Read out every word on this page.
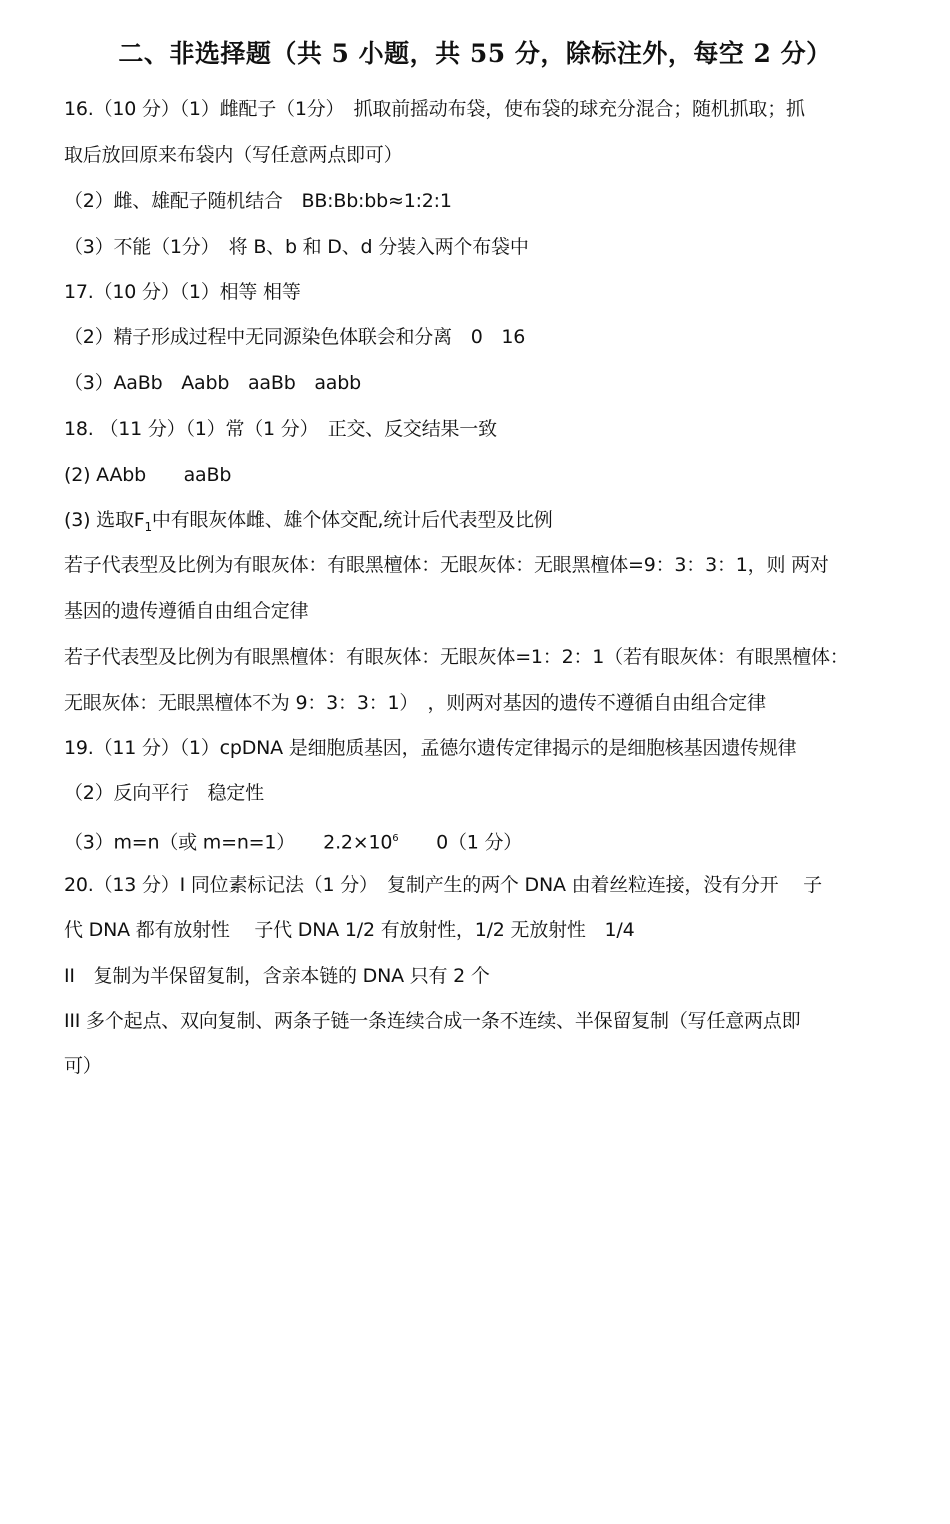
二、非选择题（共 5 小题，共 55 分，除标注外，每空 2 分）
16.（10 分）（1）雌配子（1分）　抓取前摇动布袋，使布袋的球充分混合；随机抓取；抓
取后放回原来布袋内（写任意两点即可）
（2）雌、雄配子随机结合　BB:Bb:bb≈1:2:1
（3）不能（1分）　将 B、b 和 D、d 分装入两个布袋中
17.（10 分）（1）相等 相等
（2）精子形成过程中无同源染色体联会和分离　0　16
（3）AaBb　Aabb　aaBb　aabb
18. （11 分）（1）常（1 分）　正交、反交结果一致
(2) AAbb　　aaBb
(3) 选取$F_1$中有眼灰体雌、雄个体交配,统计后代表型及比例
若子代表型及比例为有眼灰体：有眼黑檀体：无眼灰体：无眼黑檀体=9：3：3：1，则 两对
基因的遗传遵循自由组合定律
若子代表型及比例为有眼黑檀体：有眼灰体：无眼灰体=1：2：1（若有眼灰体：有眼黑檀体：
无眼灰体：无眼黑檀体不为 9：3：3：1）　，则两对基因的遗传不遵循自由组合定律
19.（11 分）（1）cpDNA 是细胞质基因，孟德尔遗传定律揭示的是细胞核基因遗传规律
（2）反向平行　稳定性
（3）m=n（或 m=n=1）　　$2.2\times 10^6$　　0（1 分）
20.（13 分）I 同位素标记法（1 分）　复制产生的两个 DNA 由着丝粒连接，没有分开　 子
代 DNA 都有放射性　 子代 DNA 1/2 有放射性，1/2 无放射性　1/4
II　复制为半保留复制，含亲本链的 DNA 只有 2 个
III 多个起点、双向复制、两条子链一条连续合成一条不连续、半保留复制（写任意两点即
可）
